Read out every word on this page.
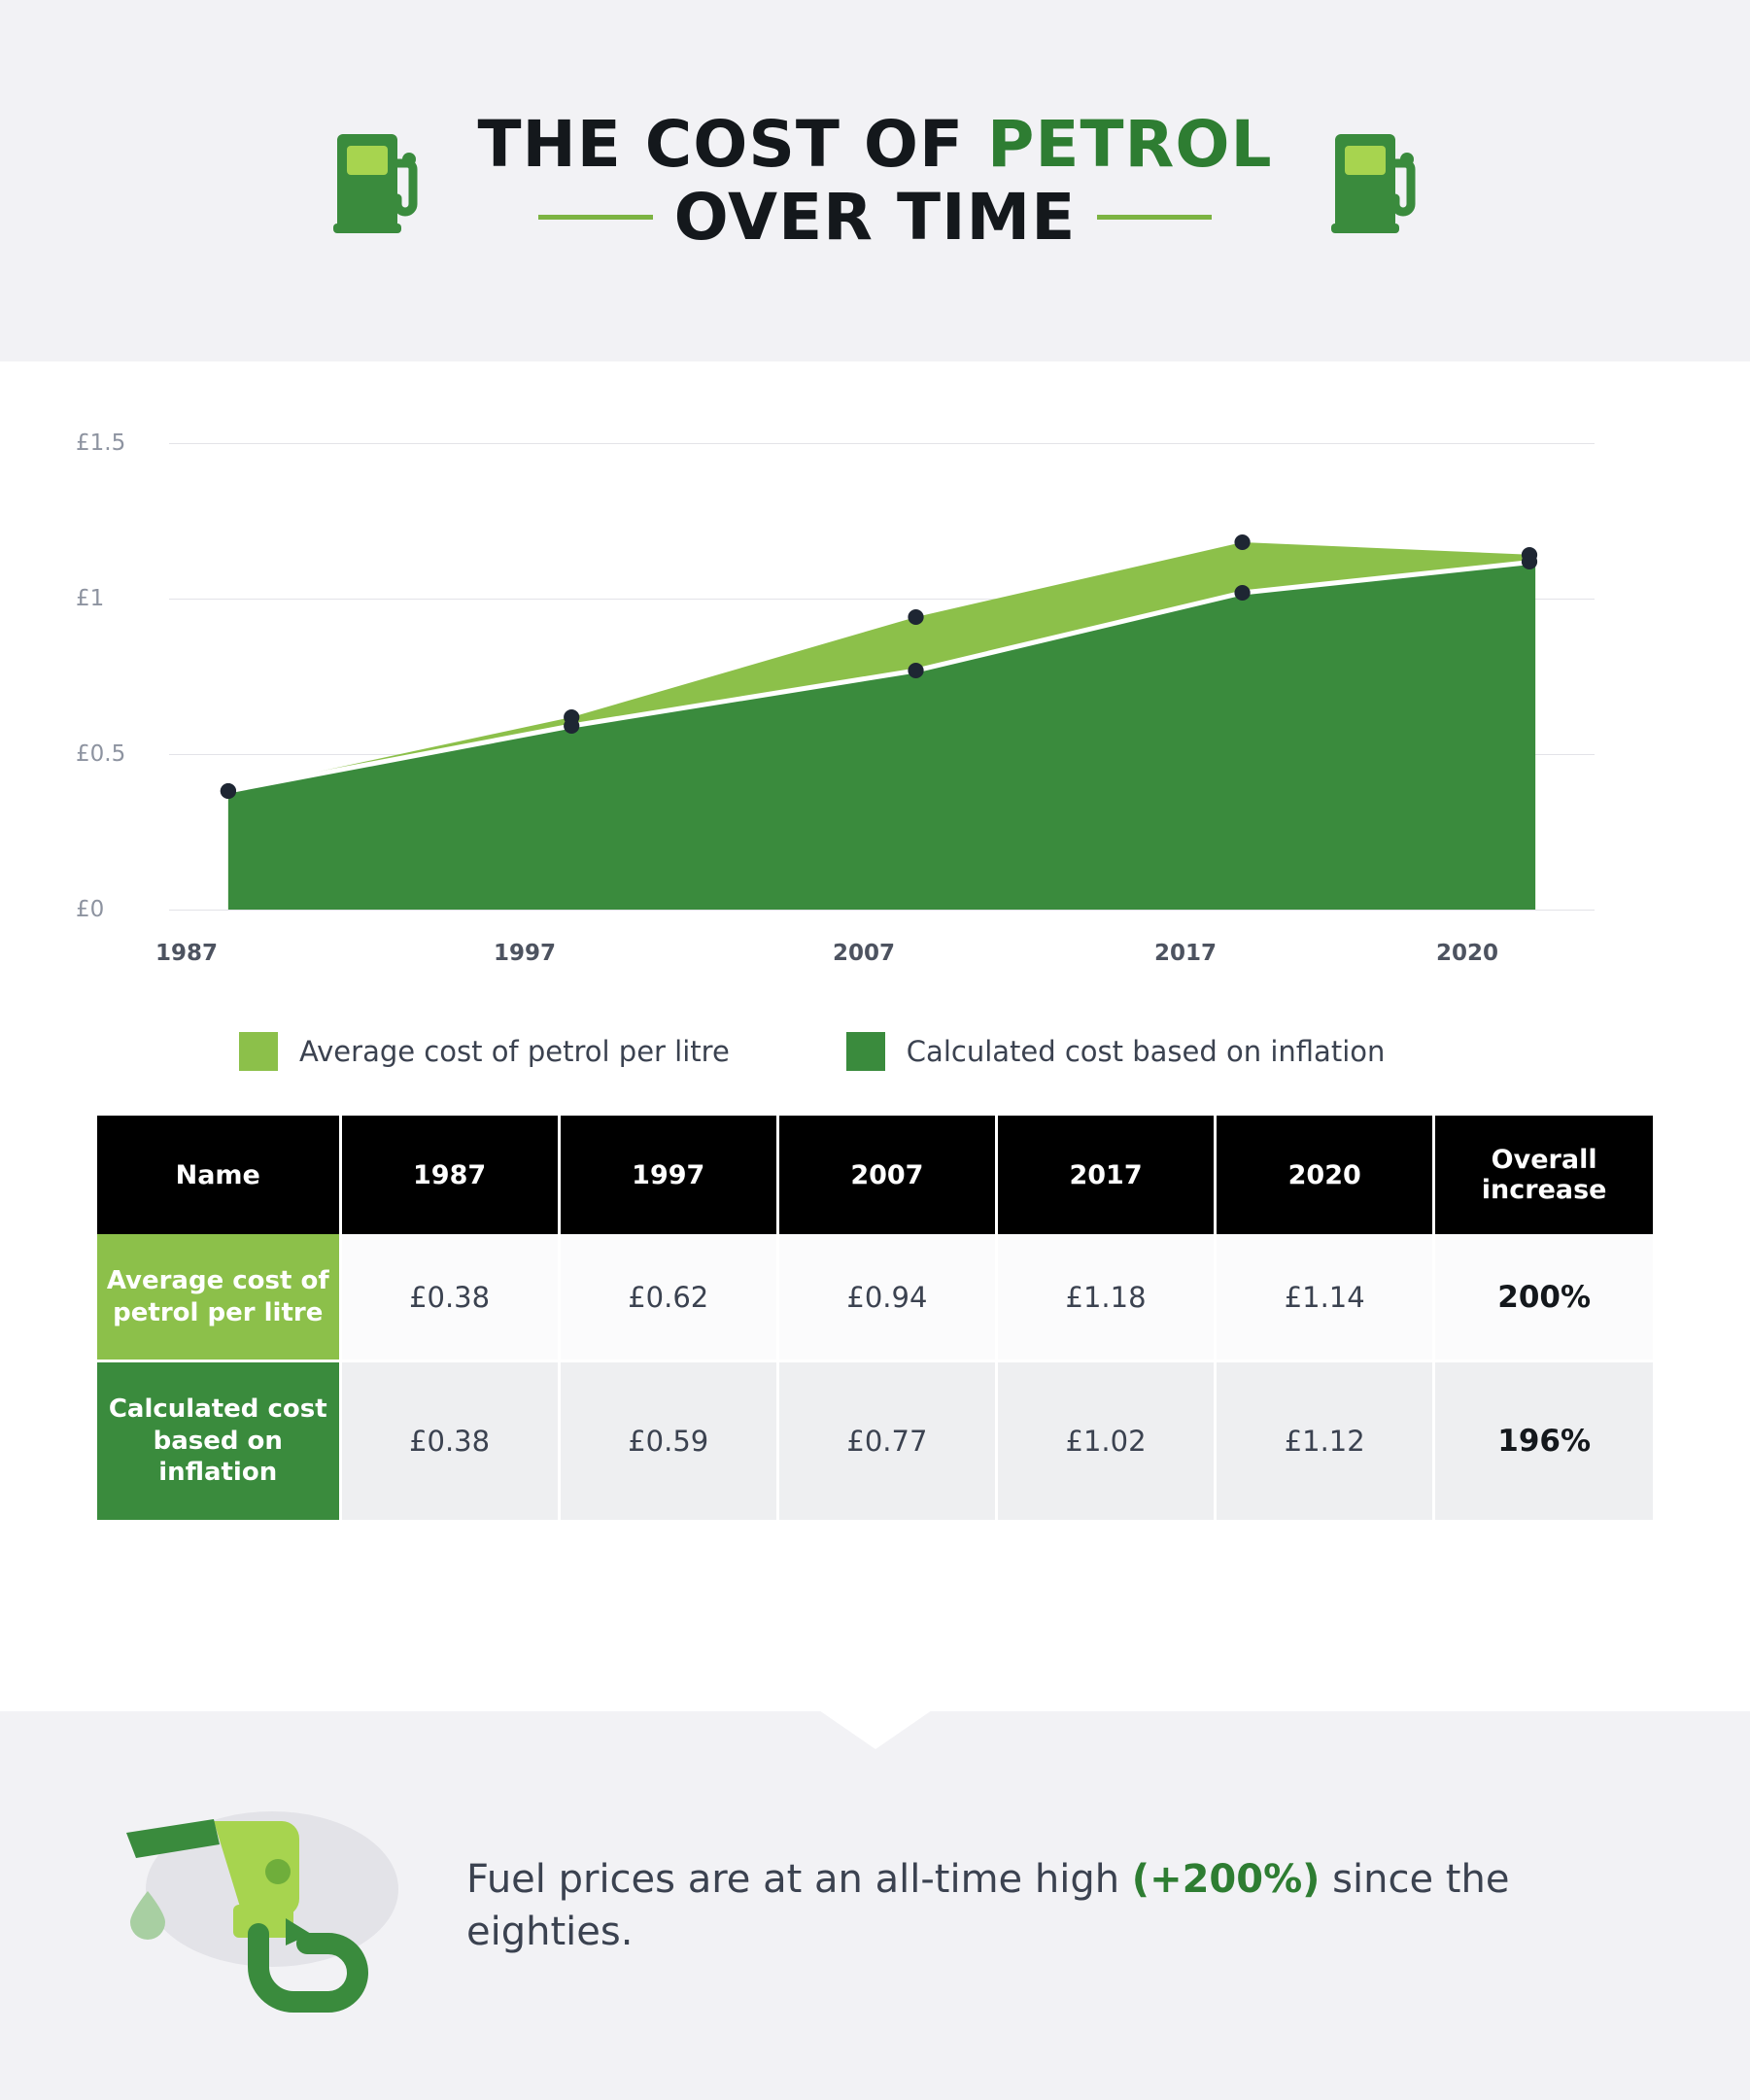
THE COST OF PETROL
OVER TIME
£1.5
£1
£0.5
£0
1987	1997	2007	2017	2020
Average cost of petrol per litre	Calculated cost based on inflation
Name	1987	1997	2007	2017	2020	Overall increase
Average cost of petrol per litre	£0.38	£0.62	£0.94	£1.18	£1.14	200%
Calculated cost based on inflation	£0.38	£0.59	£0.77	£1.02	£1.12	196%
Fuel prices are at an all-time high (+200%) since the eighties.
